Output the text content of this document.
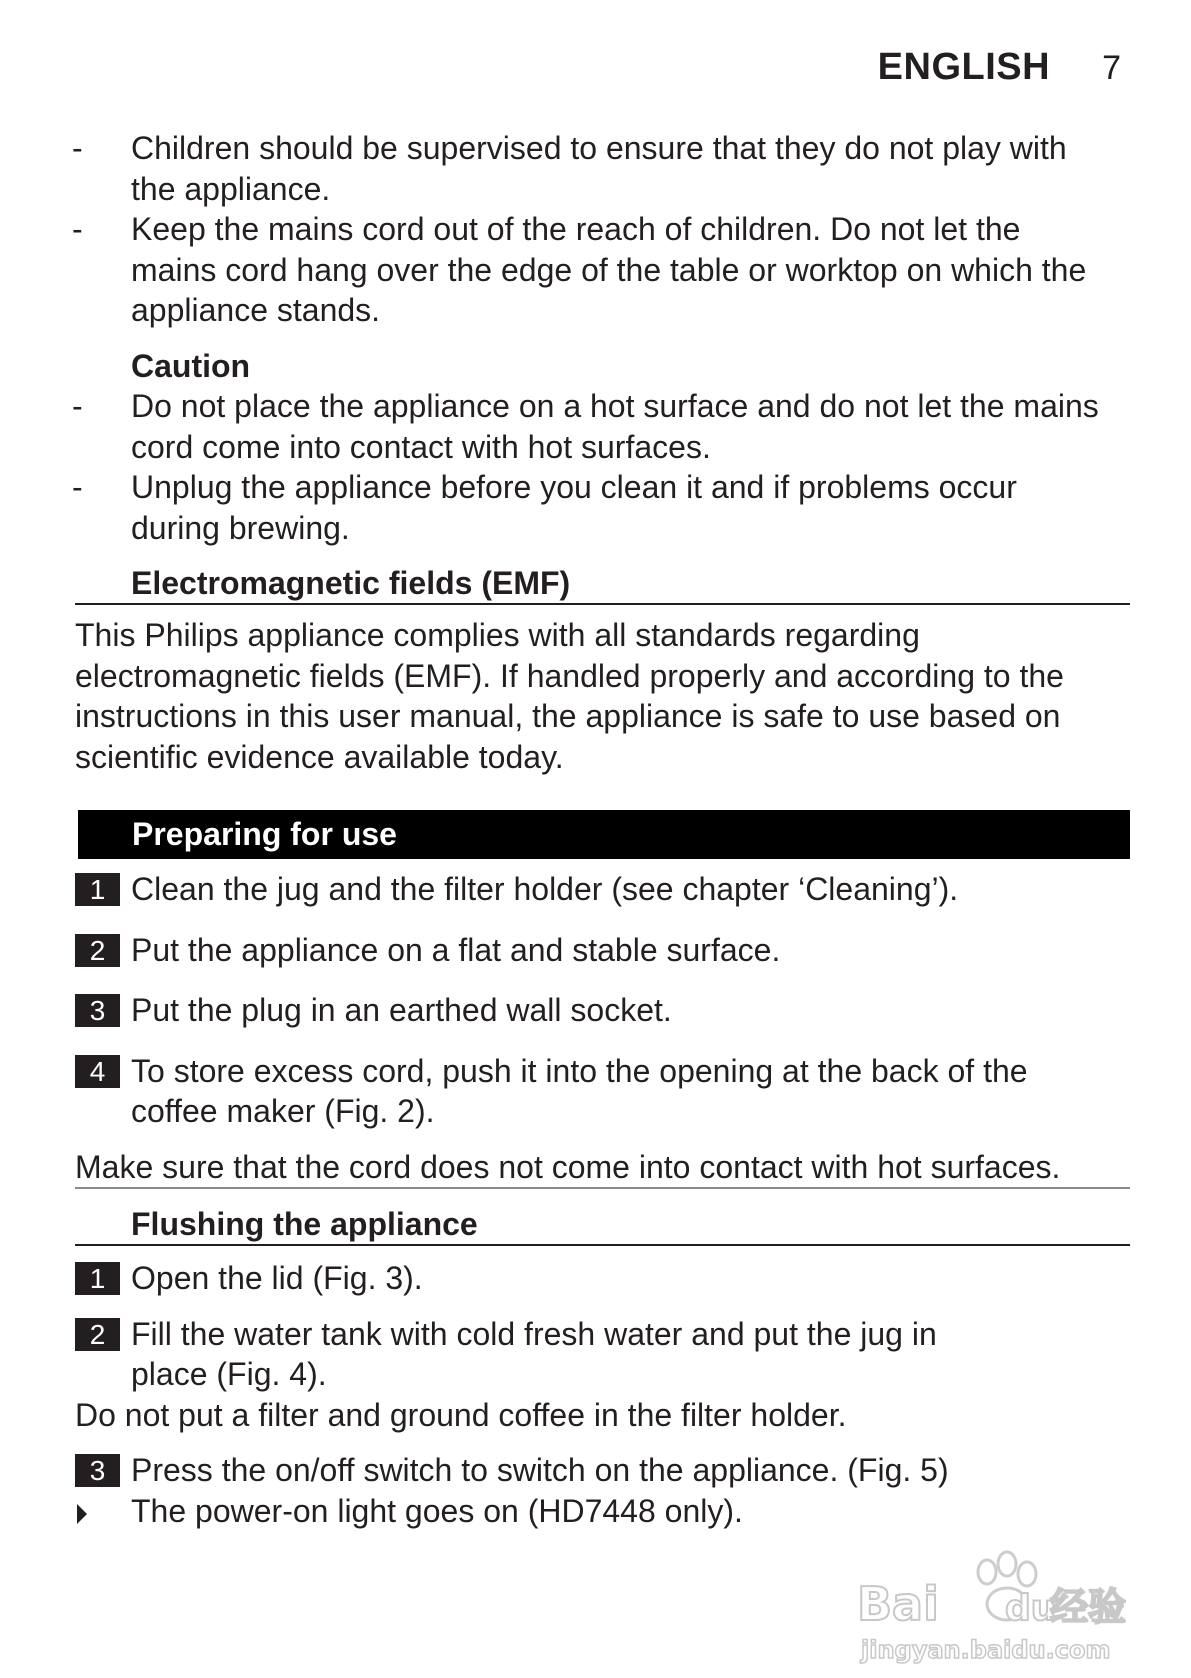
ENGLISH 7
- Children should be supervised to ensure that they do not play with
the appliance.
- Keep the mains cord out of the reach of children. Do not let the
mains cord hang over the edge of the table or worktop on which the
appliance stands.
Caution
- Do not place the appliance on a hot surface and do not let the mains
cord come into contact with hot surfaces.
- Unplug the appliance before you clean it and if problems occur
during brewing.
Electromagnetic fields (EMF)
This Philips appliance complies with all standards regarding
electromagnetic fields (EMF). If handled properly and according to the
instructions in this user manual, the appliance is safe to use based on
scientific evidence available today.
Preparing for use
1 Clean the jug and the filter holder (see chapter ‘Cleaning’).
2 Put the appliance on a flat and stable surface.
3 Put the plug in an earthed wall socket.
4 To store excess cord, push it into the opening at the back of the
coffee maker (Fig. 2).
Make sure that the cord does not come into contact with hot surfaces.
Flushing the appliance
1 Open the lid (Fig. 3).
2 Fill the water tank with cold fresh water and put the jug in
place (Fig. 4).
Do not put a filter and ground coffee in the filter holder.
3 Press the on/off switch to switch on the appliance. (Fig. 5)
The power-on light goes on (HD7448 only).
Bai du
经验
jingyan.baidu.com
